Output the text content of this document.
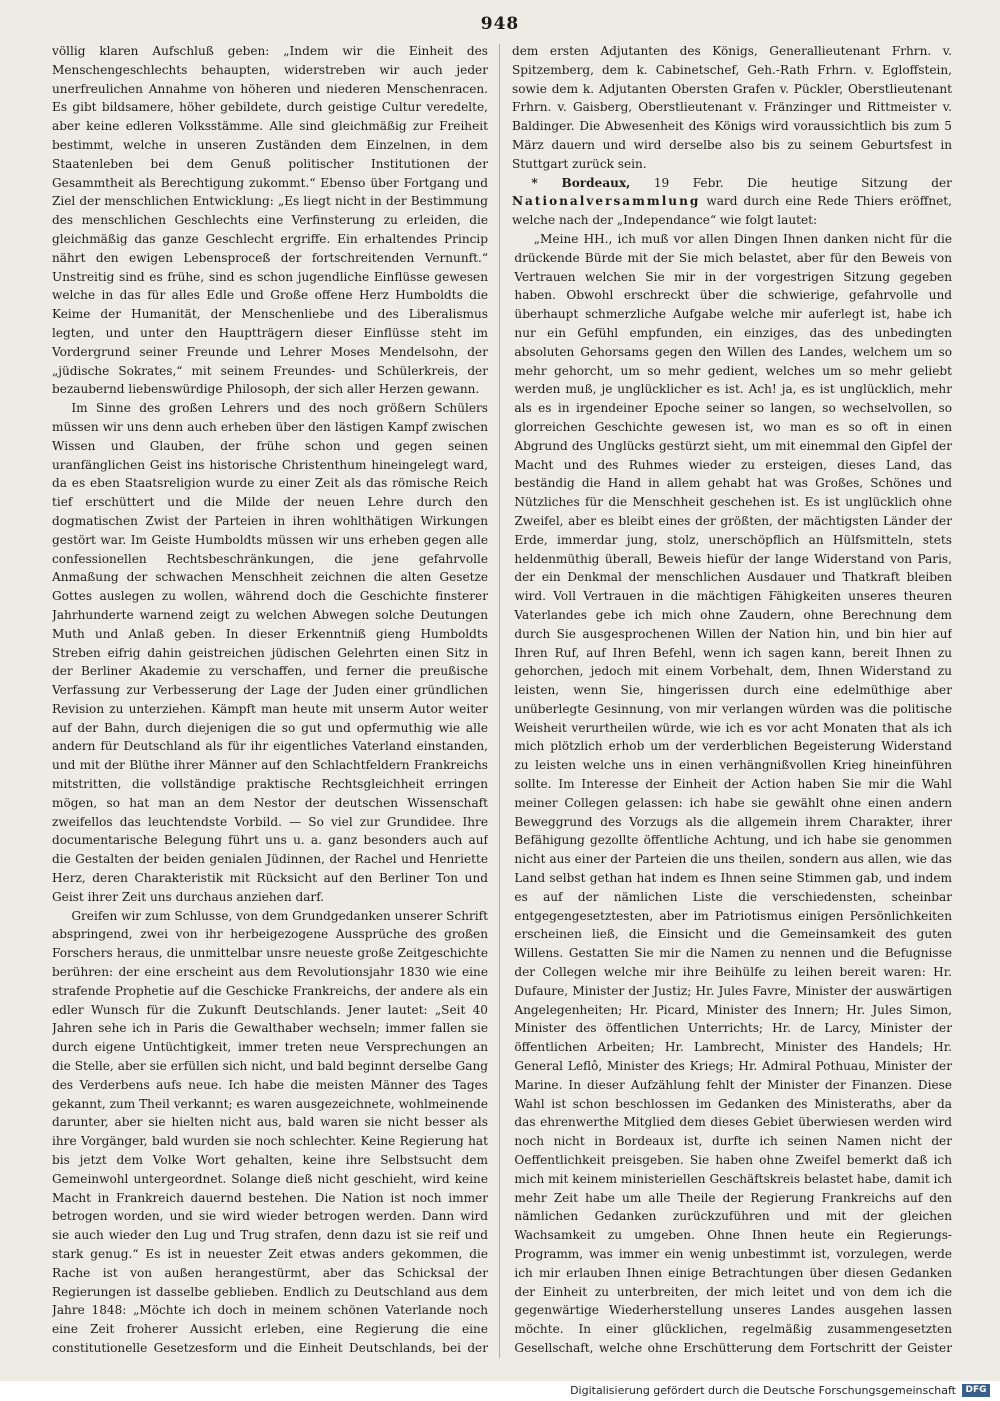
948

völlig klaren Aufschluß geben: „Indem wir die Einheit des Menschengeschlechts behaupten, widerstreben wir auch jeder unerfreulichen Annahme von höheren und niederen Menschenracen. Es gibt bildsamere, höher gebildete, durch geistige Cultur veredelte, aber keine edleren Volksstämme. Alle sind gleichmäßig zur Freiheit bestimmt, welche in unseren Zuständen dem Einzelnen, in dem Staatenleben bei dem Genuß politischer Institutionen der Gesammtheit als Berechtigung zukommt.“ Ebenso über Fortgang und Ziel der menschlichen Entwicklung: „Es liegt nicht in der Bestimmung des menschlichen Geschlechts eine Verfinsterung zu erleiden, die gleichmäßig das ganze Geschlecht ergriffe. Ein erhaltendes Princip nährt den ewigen Lebensproceß der fortschreitenden Vernunft.“ Unstreitig sind es frühe, sind es schon jugendliche Einflüsse gewesen welche in das für alles Edle und Große offene Herz Humboldts die Keime der Humanität, der Menschenliebe und des Liberalismus legten, und unter den Hauptträgern dieser Einflüsse steht im Vordergrund seiner Freunde und Lehrer Moses Mendelsohn, der „jüdische Sokrates,“ mit seinem Freundes- und Schülerkreis, der bezaubernd liebenswürdige Philosoph, der sich aller Herzen gewann.

Im Sinne des großen Lehrers und des noch größern Schülers müssen wir uns denn auch erheben über den lästigen Kampf zwischen Wissen und Glauben, der frühe schon und gegen seinen uranfänglichen Geist ins historische Christenthum hineingelegt ward, da es eben Staatsreligion wurde zu einer Zeit als das römische Reich tief erschüttert und die Milde der neuen Lehre durch den dogmatischen Zwist der Parteien in ihren wohlthätigen Wirkungen gestört war. Im Geiste Humboldts müssen wir uns erheben gegen alle confessionellen Rechtsbeschränkungen, die jene gefahrvolle Anmaßung der schwachen Menschheit zeichnen die alten Gesetze Gottes auslegen zu wollen, während doch die Geschichte finsterer Jahrhunderte warnend zeigt zu welchen Abwegen solche Deutungen Muth und Anlaß geben. In dieser Erkenntniß gieng Humboldts Streben eifrig dahin geistreichen jüdischen Gelehrten einen Sitz in der Berliner Akademie zu verschaffen, und ferner die preußische Verfassung zur Verbesserung der Lage der Juden einer gründlichen Revision zu unterziehen. Kämpft man heute mit unserm Autor weiter auf der Bahn, durch diejenigen die so gut und opfermuthig wie alle andern für Deutschland als für ihr eigentliches Vaterland einstanden, und mit der Blüthe ihrer Männer auf den Schlachtfeldern Frankreichs mitstritten, die vollständige praktische Rechtsgleichheit erringen mögen, so hat man an dem Nestor der deutschen Wissenschaft zweifellos das leuchtendste Vorbild. — So viel zur Grundidee. Ihre documentarische Belegung führt uns u. a. ganz besonders auch auf die Gestalten der beiden genialen Jüdinnen, der Rachel und Henriette Herz, deren Charakteristik mit Rücksicht auf den Berliner Ton und Geist ihrer Zeit uns durchaus anziehen darf.

Greifen wir zum Schlusse, von dem Grundgedanken unserer Schrift abspringend, zwei von ihr herbeigezogene Aussprüche des großen Forschers heraus, die unmittelbar unsre neueste große Zeitgeschichte berühren: der eine erscheint aus dem Revolutionsjahr 1830 wie eine strafende Prophetie auf die Geschicke Frankreichs, der andere als ein edler Wunsch für die Zukunft Deutschlands. Jener lautet: „Seit 40 Jahren sehe ich in Paris die Gewalthaber wechseln; immer fallen sie durch eigene Untüchtigkeit, immer treten neue Versprechungen an die Stelle, aber sie erfüllen sich nicht, und bald beginnt derselbe Gang des Verderbens aufs neue. Ich habe die meisten Männer des Tages gekannt, zum Theil verkannt; es waren ausgezeichnete, wohlmeinende darunter, aber sie hielten nicht aus, bald waren sie nicht besser als ihre Vorgänger, bald wurden sie noch schlechter. Keine Regierung hat bis jetzt dem Volke Wort gehalten, keine ihre Selbstsucht dem Gemeinwohl untergeordnet. Solange dieß nicht geschieht, wird keine Macht in Frankreich dauernd bestehen. Die Nation ist noch immer betrogen worden, und sie wird wieder betrogen werden. Dann wird sie auch wieder den Lug und Trug strafen, denn dazu ist sie reif und stark genug.“ Es ist in neuester Zeit etwas anders gekommen, die Rache ist von außen herangestürmt, aber das Schicksal der Regierungen ist dasselbe geblieben. Endlich zu Deutschland aus dem Jahre 1848: „Möchte ich doch in meinem schönen Vaterlande noch eine Zeit froherer Aussicht erleben, eine Regierung die eine constitutionelle Gesetzesform und die Einheit Deutschlands, bei der

dem ersten Adjutanten des Königs, Generallieutenant Frhrn. v. Spitzemberg, dem k. Cabinetschef, Geh.-Rath Frhrn. v. Egloffstein, sowie dem k. Adjutanten Obersten Grafen v. Pückler, Oberstlieutenant Frhrn. v. Gaisberg, Oberstlieutenant v. Fränzinger und Rittmeister v. Baldinger. Die Abwesenheit des Königs wird voraussichtlich bis zum 5 März dauern und wird derselbe also bis zu seinem Geburtsfest in Stuttgart zurück sein.

* Bordeaux, 19 Febr. Die heutige Sitzung der Nationalversammlung ward durch eine Rede Thiers eröffnet, welche nach der „Independance“ wie folgt lautet:

„Meine HH., ich muß vor allen Dingen Ihnen danken nicht für die drückende Bürde mit der Sie mich belastet, aber für den Beweis von Vertrauen welchen Sie mir in der vorgestrigen Sitzung gegeben haben. Obwohl erschreckt über die schwierige, gefahrvolle und überhaupt schmerzliche Aufgabe welche mir auferlegt ist, habe ich nur ein Gefühl empfunden, ein einziges, das des unbedingten absoluten Gehorsams gegen den Willen des Landes, welchem um so mehr gehorcht, um so mehr gedient, welches um so mehr geliebt werden muß, je unglücklicher es ist. Ach! ja, es ist unglücklich, mehr als es in irgendeiner Epoche seiner so langen, so wechselvollen, so glorreichen Geschichte gewesen ist, wo man es so oft in einen Abgrund des Unglücks gestürzt sieht, um mit einemmal den Gipfel der Macht und des Ruhmes wieder zu ersteigen, dieses Land, das beständig die Hand in allem gehabt hat was Großes, Schönes und Nützliches für die Menschheit geschehen ist. Es ist unglücklich ohne Zweifel, aber es bleibt eines der größten, der mächtigsten Länder der Erde, immerdar jung, stolz, unerschöpflich an Hülfsmitteln, stets heldenmüthig überall, Beweis hiefür der lange Widerstand von Paris, der ein Denkmal der menschlichen Ausdauer und Thatkraft bleiben wird. Voll Vertrauen in die mächtigen Fähigkeiten unseres theuren Vaterlandes gebe ich mich ohne Zaudern, ohne Berechnung dem durch Sie ausgesprochenen Willen der Nation hin, und bin hier auf Ihren Ruf, auf Ihren Befehl, wenn ich sagen kann, bereit Ihnen zu gehorchen, jedoch mit einem Vorbehalt, dem, Ihnen Widerstand zu leisten, wenn Sie, hingerissen durch eine edelmüthige aber unüberlegte Gesinnung, von mir verlangen würden was die politische Weisheit verurtheilen würde, wie ich es vor acht Monaten that als ich mich plötzlich erhob um der verderblichen Begeisterung Widerstand zu leisten welche uns in einen verhängnißvollen Krieg hineinführen sollte. Im Interesse der Einheit der Action haben Sie mir die Wahl meiner Collegen gelassen: ich habe sie gewählt ohne einen andern Beweggrund des Vorzugs als die allgemein ihrem Charakter, ihrer Befähigung gezollte öffentliche Achtung, und ich habe sie genommen nicht aus einer der Parteien die uns theilen, sondern aus allen, wie das Land selbst gethan hat indem es Ihnen seine Stimmen gab, und indem es auf der nämlichen Liste die verschiedensten, scheinbar entgegengesetztesten, aber im Patriotismus einigen Persönlichkeiten erscheinen ließ, die Einsicht und die Gemeinsamkeit des guten Willens. Gestatten Sie mir die Namen zu nennen und die Befugnisse der Collegen welche mir ihre Beihülfe zu leihen bereit waren: Hr. Dufaure, Minister der Justiz; Hr. Jules Favre, Minister der auswärtigen Angelegenheiten; Hr. Picard, Minister des Innern; Hr. Jules Simon, Minister des öffentlichen Unterrichts; Hr. de Larcy, Minister der öffentlichen Arbeiten; Hr. Lambrecht, Minister des Handels; Hr. General Leflô, Minister des Kriegs; Hr. Admiral Pothuau, Minister der Marine. In dieser Aufzählung fehlt der Minister der Finanzen. Diese Wahl ist schon beschlossen im Gedanken des Ministeraths, aber da das ehrenwerthe Mitglied dem dieses Gebiet überwiesen werden wird noch nicht in Bordeaux ist, durfte ich seinen Namen nicht der Oeffentlichkeit preisgeben. Sie haben ohne Zweifel bemerkt daß ich mich mit keinem ministeriellen Geschäftskreis belastet habe, damit ich mehr Zeit habe um alle Theile der Regierung Frankreichs auf den nämlichen Gedanken zurückzuführen und mit der gleichen Wachsamkeit zu umgeben. Ohne Ihnen heute ein Regierungs-Programm, was immer ein wenig unbestimmt ist, vorzulegen, werde ich mir erlauben Ihnen einige Betrachtungen über diesen Gedanken der Einheit zu unterbreiten, der mich leitet und von dem ich die gegenwärtige Wiederherstellung unseres Landes ausgehen lassen möchte. In einer glücklichen, regelmäßig zusammengesetzten Gesellschaft, welche ohne Erschütterung dem Fortschritt der Geister

Digitalisierung gefördert durch die Deutsche Forschungsgemeinschaft	DFG
